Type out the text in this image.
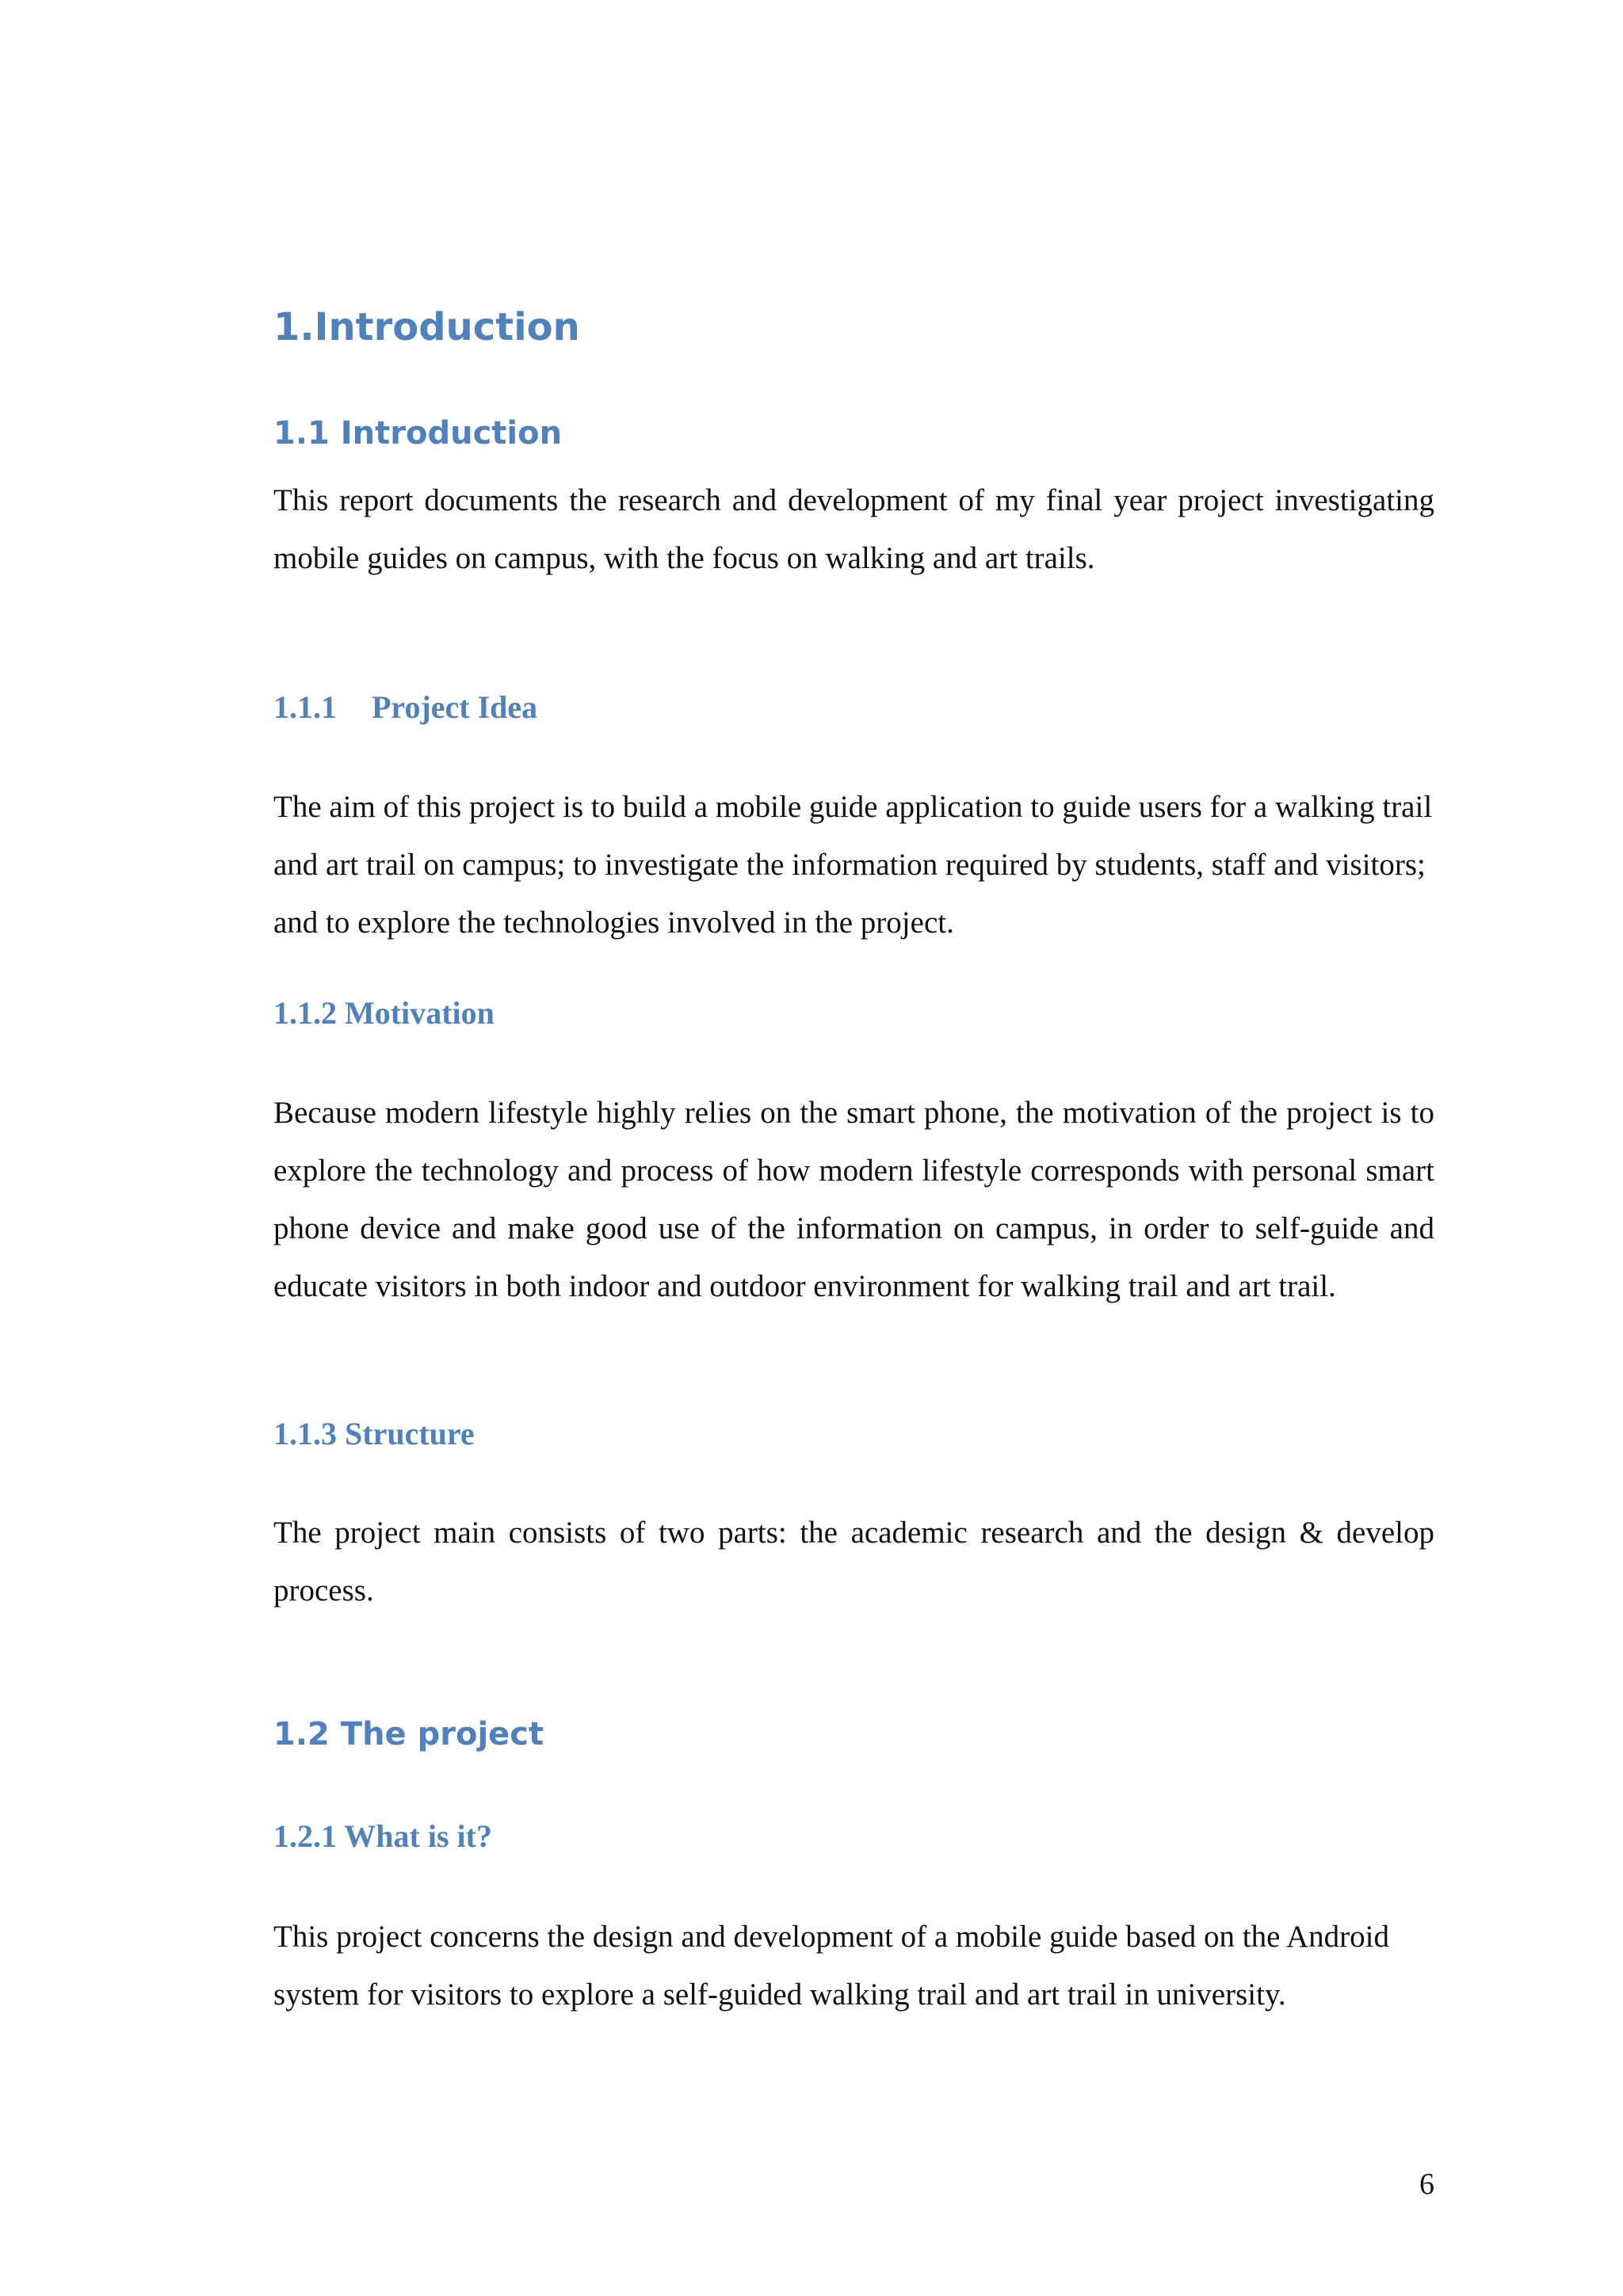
1.Introduction
1.1 Introduction

This report documents the research and development of my final year project investigating mobile guides on campus, with the focus on walking and art trails.

1.1.1 Project Idea

The aim of this project is to build a mobile guide application to guide users for a walking trail and art trail on campus; to investigate the information required by students, staff and visitors; and to explore the technologies involved in the project.

1.1.2 Motivation

Because modern lifestyle highly relies on the smart phone, the motivation of the project is to explore the technology and process of how modern lifestyle corresponds with personal smart phone device and make good use of the information on campus, in order to self-guide and educate visitors in both indoor and outdoor environment for walking trail and art trail.

1.1.3 Structure

The project main consists of two parts: the academic research and the design & develop process.

1.2 The project
1.2.1 What is it?

This project concerns the design and development of a mobile guide based on the Android system for visitors to explore a self-guided walking trail and art trail in university.

6
